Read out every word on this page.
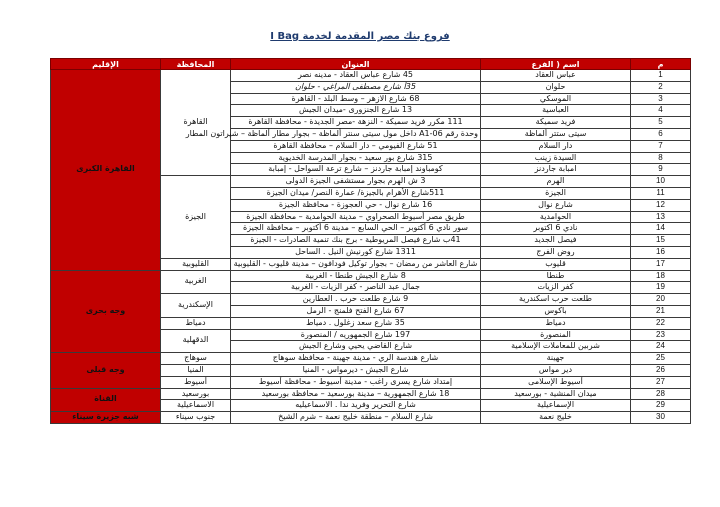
فروع بنك مصر المقدمة لخدمة I Bag
م	اسم ( الفرع	العنوان	المحافظة	الإقليم
1	عباس العقاد	45 شارع عباس العقاد - مدينه نصر	القاهرة	القاهرة الكبرى
2	حلوان	35أ شارع مصطفى المراغي - حلوان		
3	الموسكي	68 شارع الازهر – وسط البلد - القاهرة		
4	العباسية	13 شارع الجنزورى -ميدان الجيش		
5	فريد سميكة	111 مكرر فريد سميكة - النزهة -مصر الجديدة - محافظة القاهرة		
6	سيتى ستتر ألماظة	وحدة رقم A1-06 داخل مول سيتى سنتر ألماظة – بجوار مطار ألماظة – شيراتون المطار		
7	دار السلام	51 شارع الفيومي – دار السلام – محافظة القاهرة		
8	السيدة زينب	315 شارع بور سعيد - بجوار المدرسة الخديوية		
9	امبابة جاردنز	كومباوند إمبابة جاردنز – شارع ترعة السواحل - إمبابة		
10	الهرم	3 ش الهرم بجوار مستشفى الجيزة الدولى	الجيزة	
11	الجيزة	511شارع الأهرام بالجيزة/ عمارة النصر/ ميدان الجيزة		
12	شارع نوال	16 شارع نوال - حي العجوزة - محافظة الجيزة		
13	الحوامدية	طريق مصر أسيوط الصحراوي – مدينة الحوامدية – محافظة الجيزة		
14	نادي 6 اكتوبر	سور نادي 6 أكتوبر – الحي السابع – مدينة 6 أكتوبر – محافظة الجيزة		
15	فيصل الجديد	41ب شارع فيصل المريوطية - برج بنك تنمية الصادرات - الجيزة		
16	روض الفرج	1311 شارع كورنيش النيل . الساحل		
17	قليوب	شارع العاشر من رمضان – بجوار توكيل فودافون – مدينة قليوب - القليوبية	القليوبية	
18	طنطا	8 شارع الجيش طنطا - الغربية	الغربية	وجه بحرى
19	كفر الزيات	جمال عبد الناصر - كفر الزيات - الغربية		
20	طلعت حرب اسكندرية	9 شارع طلعت حرب . العطارين	الإسكندرية	
21	باكوس	67 شارع الفتح فلمنج - الرمل		
22	دمياط	35 شارع سعد زغلول . دمياط	دمياط	
23	المنصورة	197 شارع الجمهوريه / المنصورة	الدقهلية	
24	شربين للمعاملات الإسلامية	شارع القاضي يحيي وشارع الجيش		
25	جهينة	شارع هندسة الري - مدينة جهينة - محافظة سوهاج	سوهاج	وجه قبلى
26	دير مواس	شارع الجيش - ديرمواس - المنيا	المنيا	
27	أسيوط الإسلامى	إمتداد شارع يسرى راغب - مدينة أسيوط - محافظة أسيوط	أسيوط	
28	ميدان المنشية - بورسعيد	18 شارع الجمهورية – مدينة بورسعيد – محافظة بورسعيد	بورسعيد	القناة
29	الإسماعيلية	شارع التحرير وفريد ندا . الاسماعيليه	الاسماعيلية	
30	خليج نعمة	شارع السلام – منطقة خليج نعمة – شرم الشيخ	جنوب سيناء	شبه جزيرة سيناء
